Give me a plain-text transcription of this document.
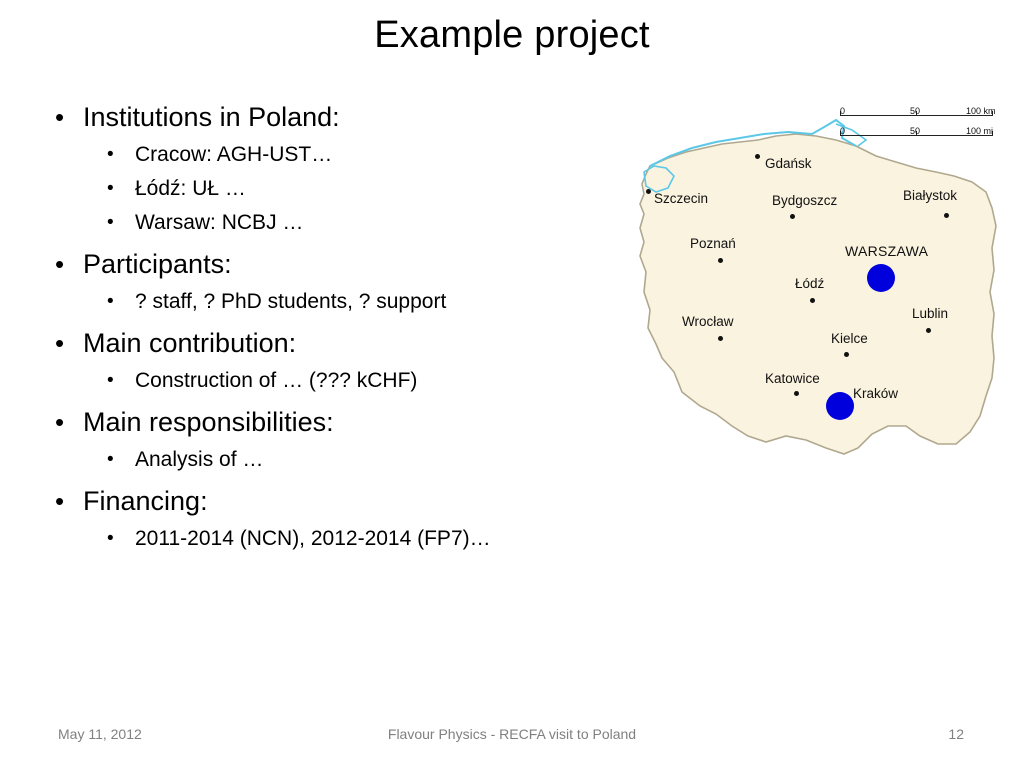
Example project
• Institutions in Poland:
•	Cracow: AGH-UST…
•	Łódź: UŁ …
•	Warsaw: NCBJ …
• Participants:
•	? staff, ? PhD students, ? support
• Main contribution:
•	Construction of … (??? kCHF)
• Main responsibilities:
•	Analysis of …
• Financing:
•	2011-2014 (NCN), 2012-2014 (FP7)…
0	50	100 km
0	50	100 mi
Gdańsk
Szczecin	Bydgoszcz	Białystok
Poznań	WARSZAWA
Łódź
Lublin
Wrocław
Kielce
Katowice
Kraków
May 11, 2012	Flavour Physics - RECFA visit to Poland	12
